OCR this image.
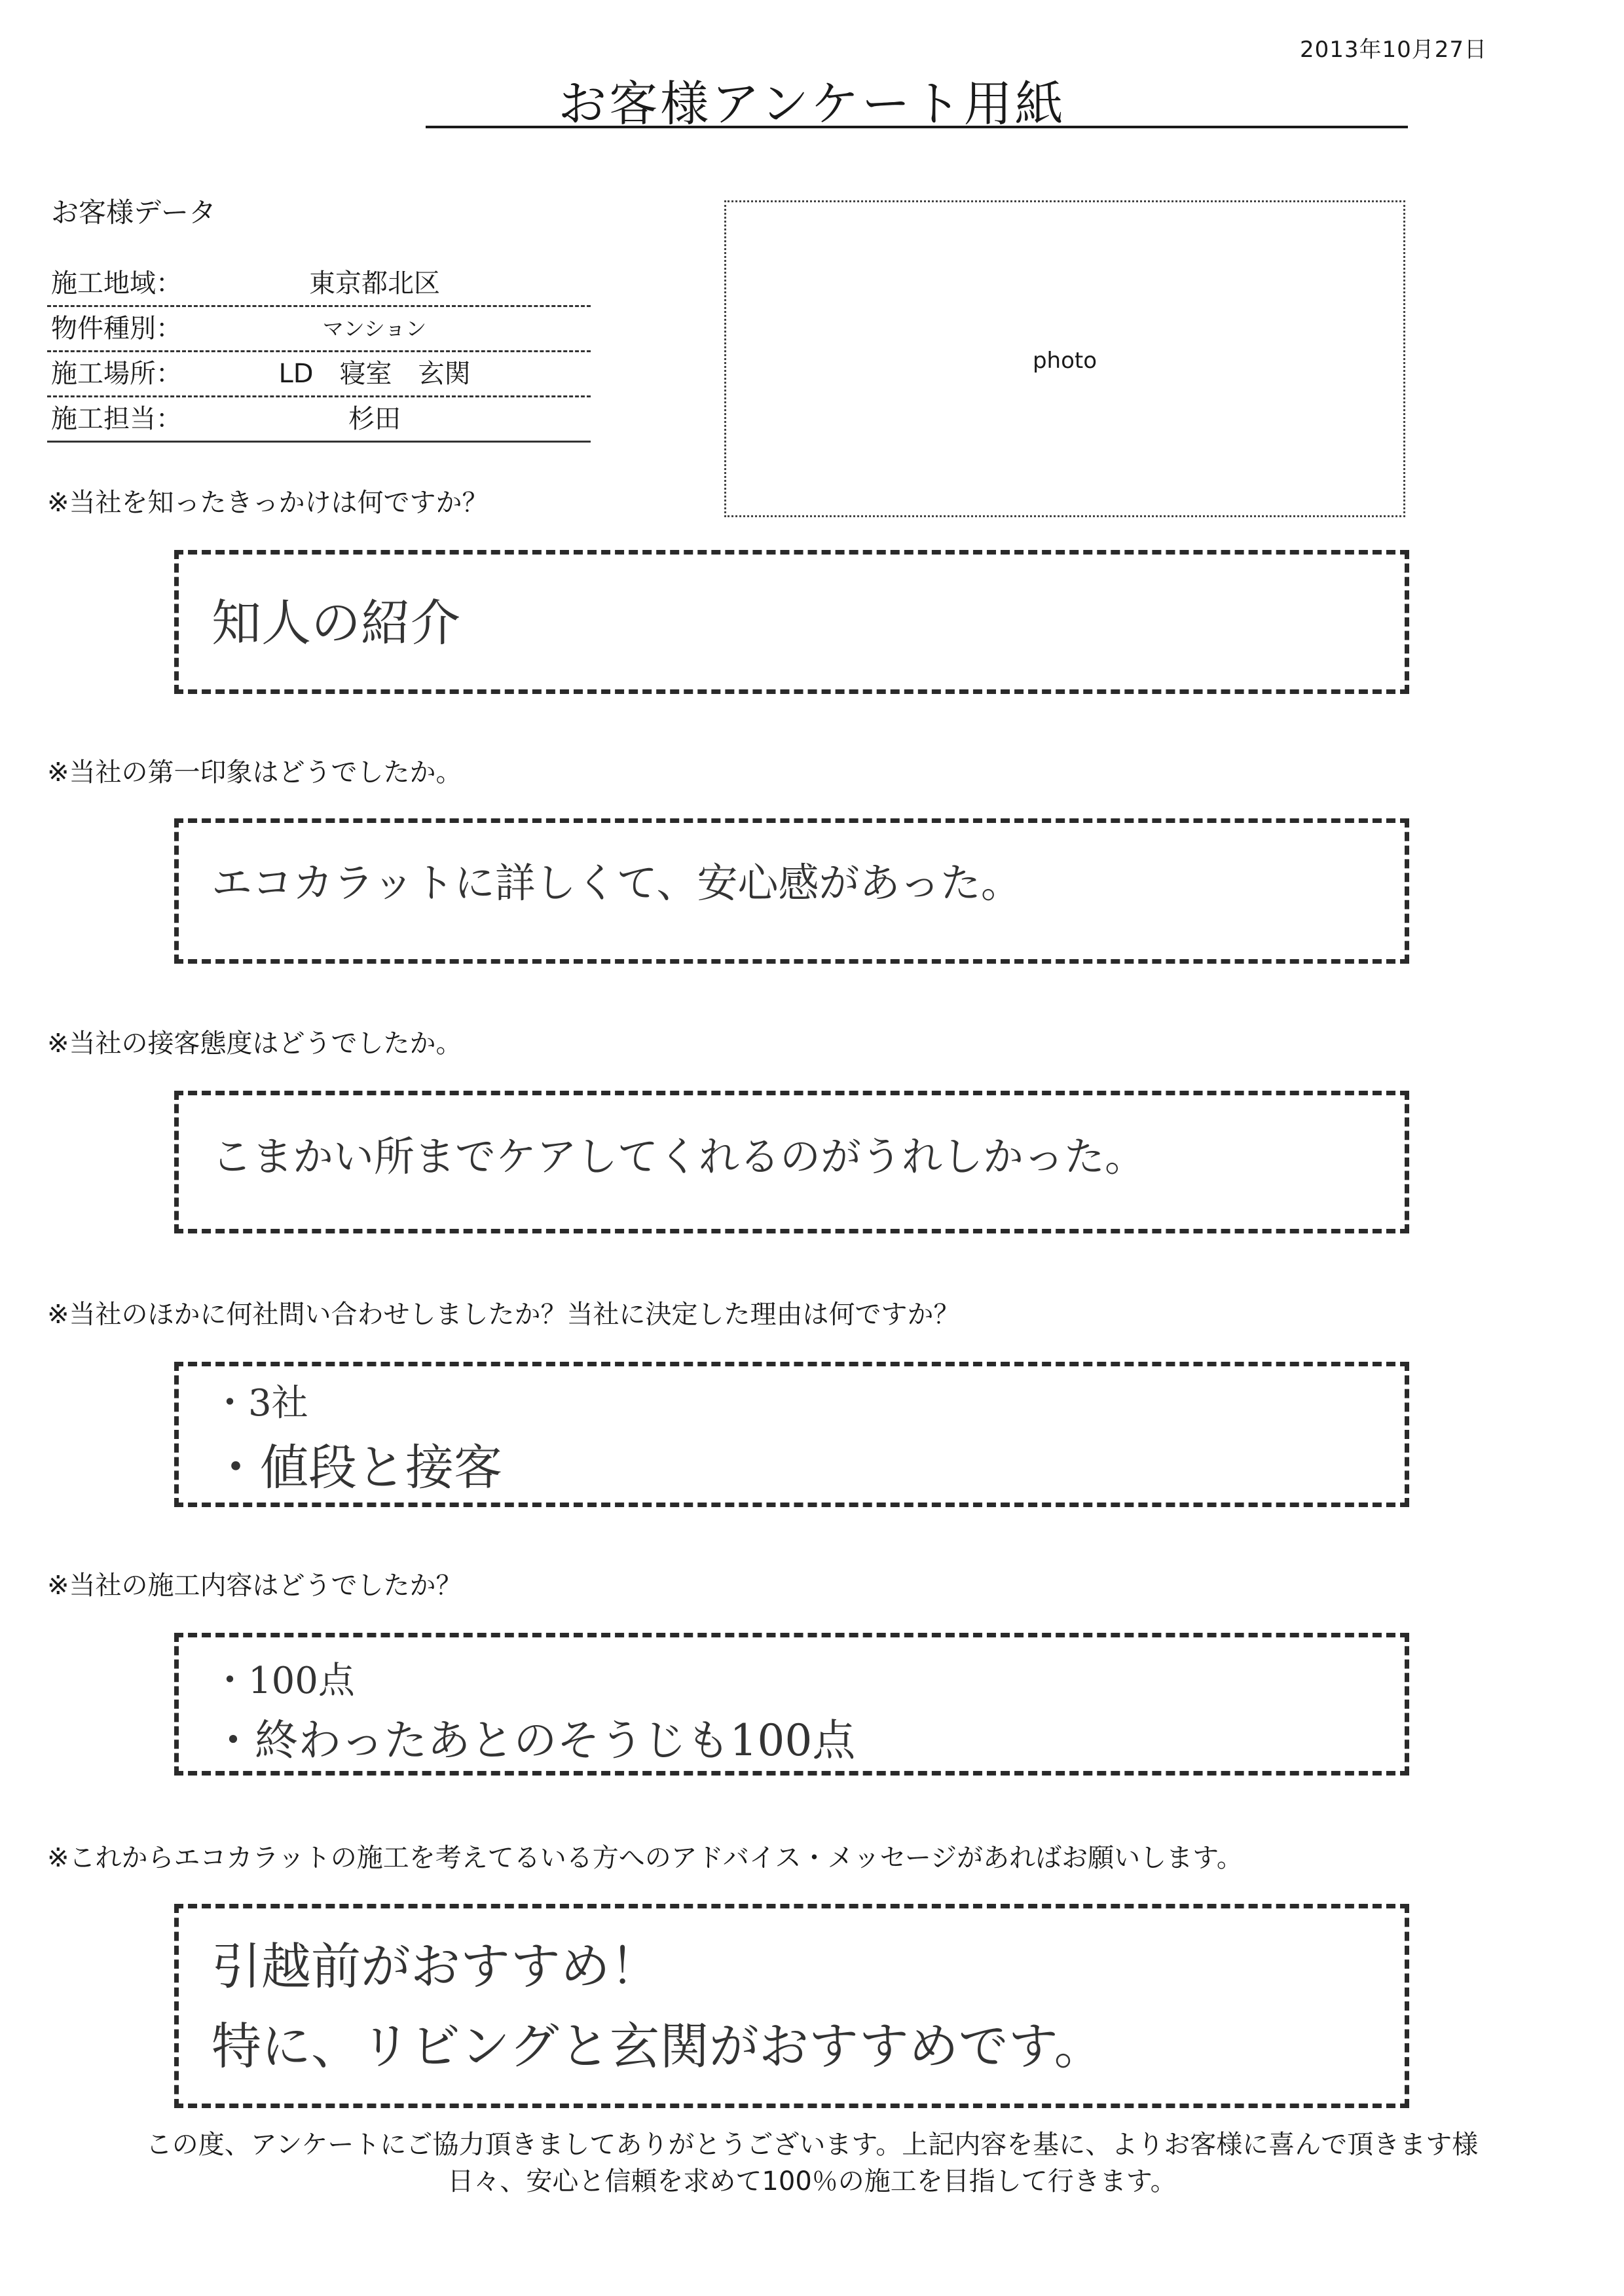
2013年10月27日
お客様アンケート用紙
お客様データ
施工地域：	東京都北区
物件種別：	マンション
施工場所：	LD　寝室　玄関
施工担当：	杉田
photo
※当社を知ったきっかけは何ですか？
知人の紹介
※当社の第一印象はどうでしたか。
エコカラットに詳しくて、安心感があった。
※当社の接客態度はどうでしたか。
こまかい所までケアしてくれるのがうれしかった。
※当社のほかに何社問い合わせしましたか？当社に決定した理由は何ですか？
・3社
・値段と接客
※当社の施工内容はどうでしたか？
・100点
・終わったあとのそうじも100点
※これからエコカラットの施工を考えてるいる方へのアドバイス・メッセージがあればお願いします。
引越前がおすすめ！
特に、リビングと玄関がおすすめです。
この度、アンケートにご協力頂きましてありがとうございます。上記内容を基に、よりお客様に喜んで頂きます様
日々、安心と信頼を求めて100％の施工を目指して行きます。
